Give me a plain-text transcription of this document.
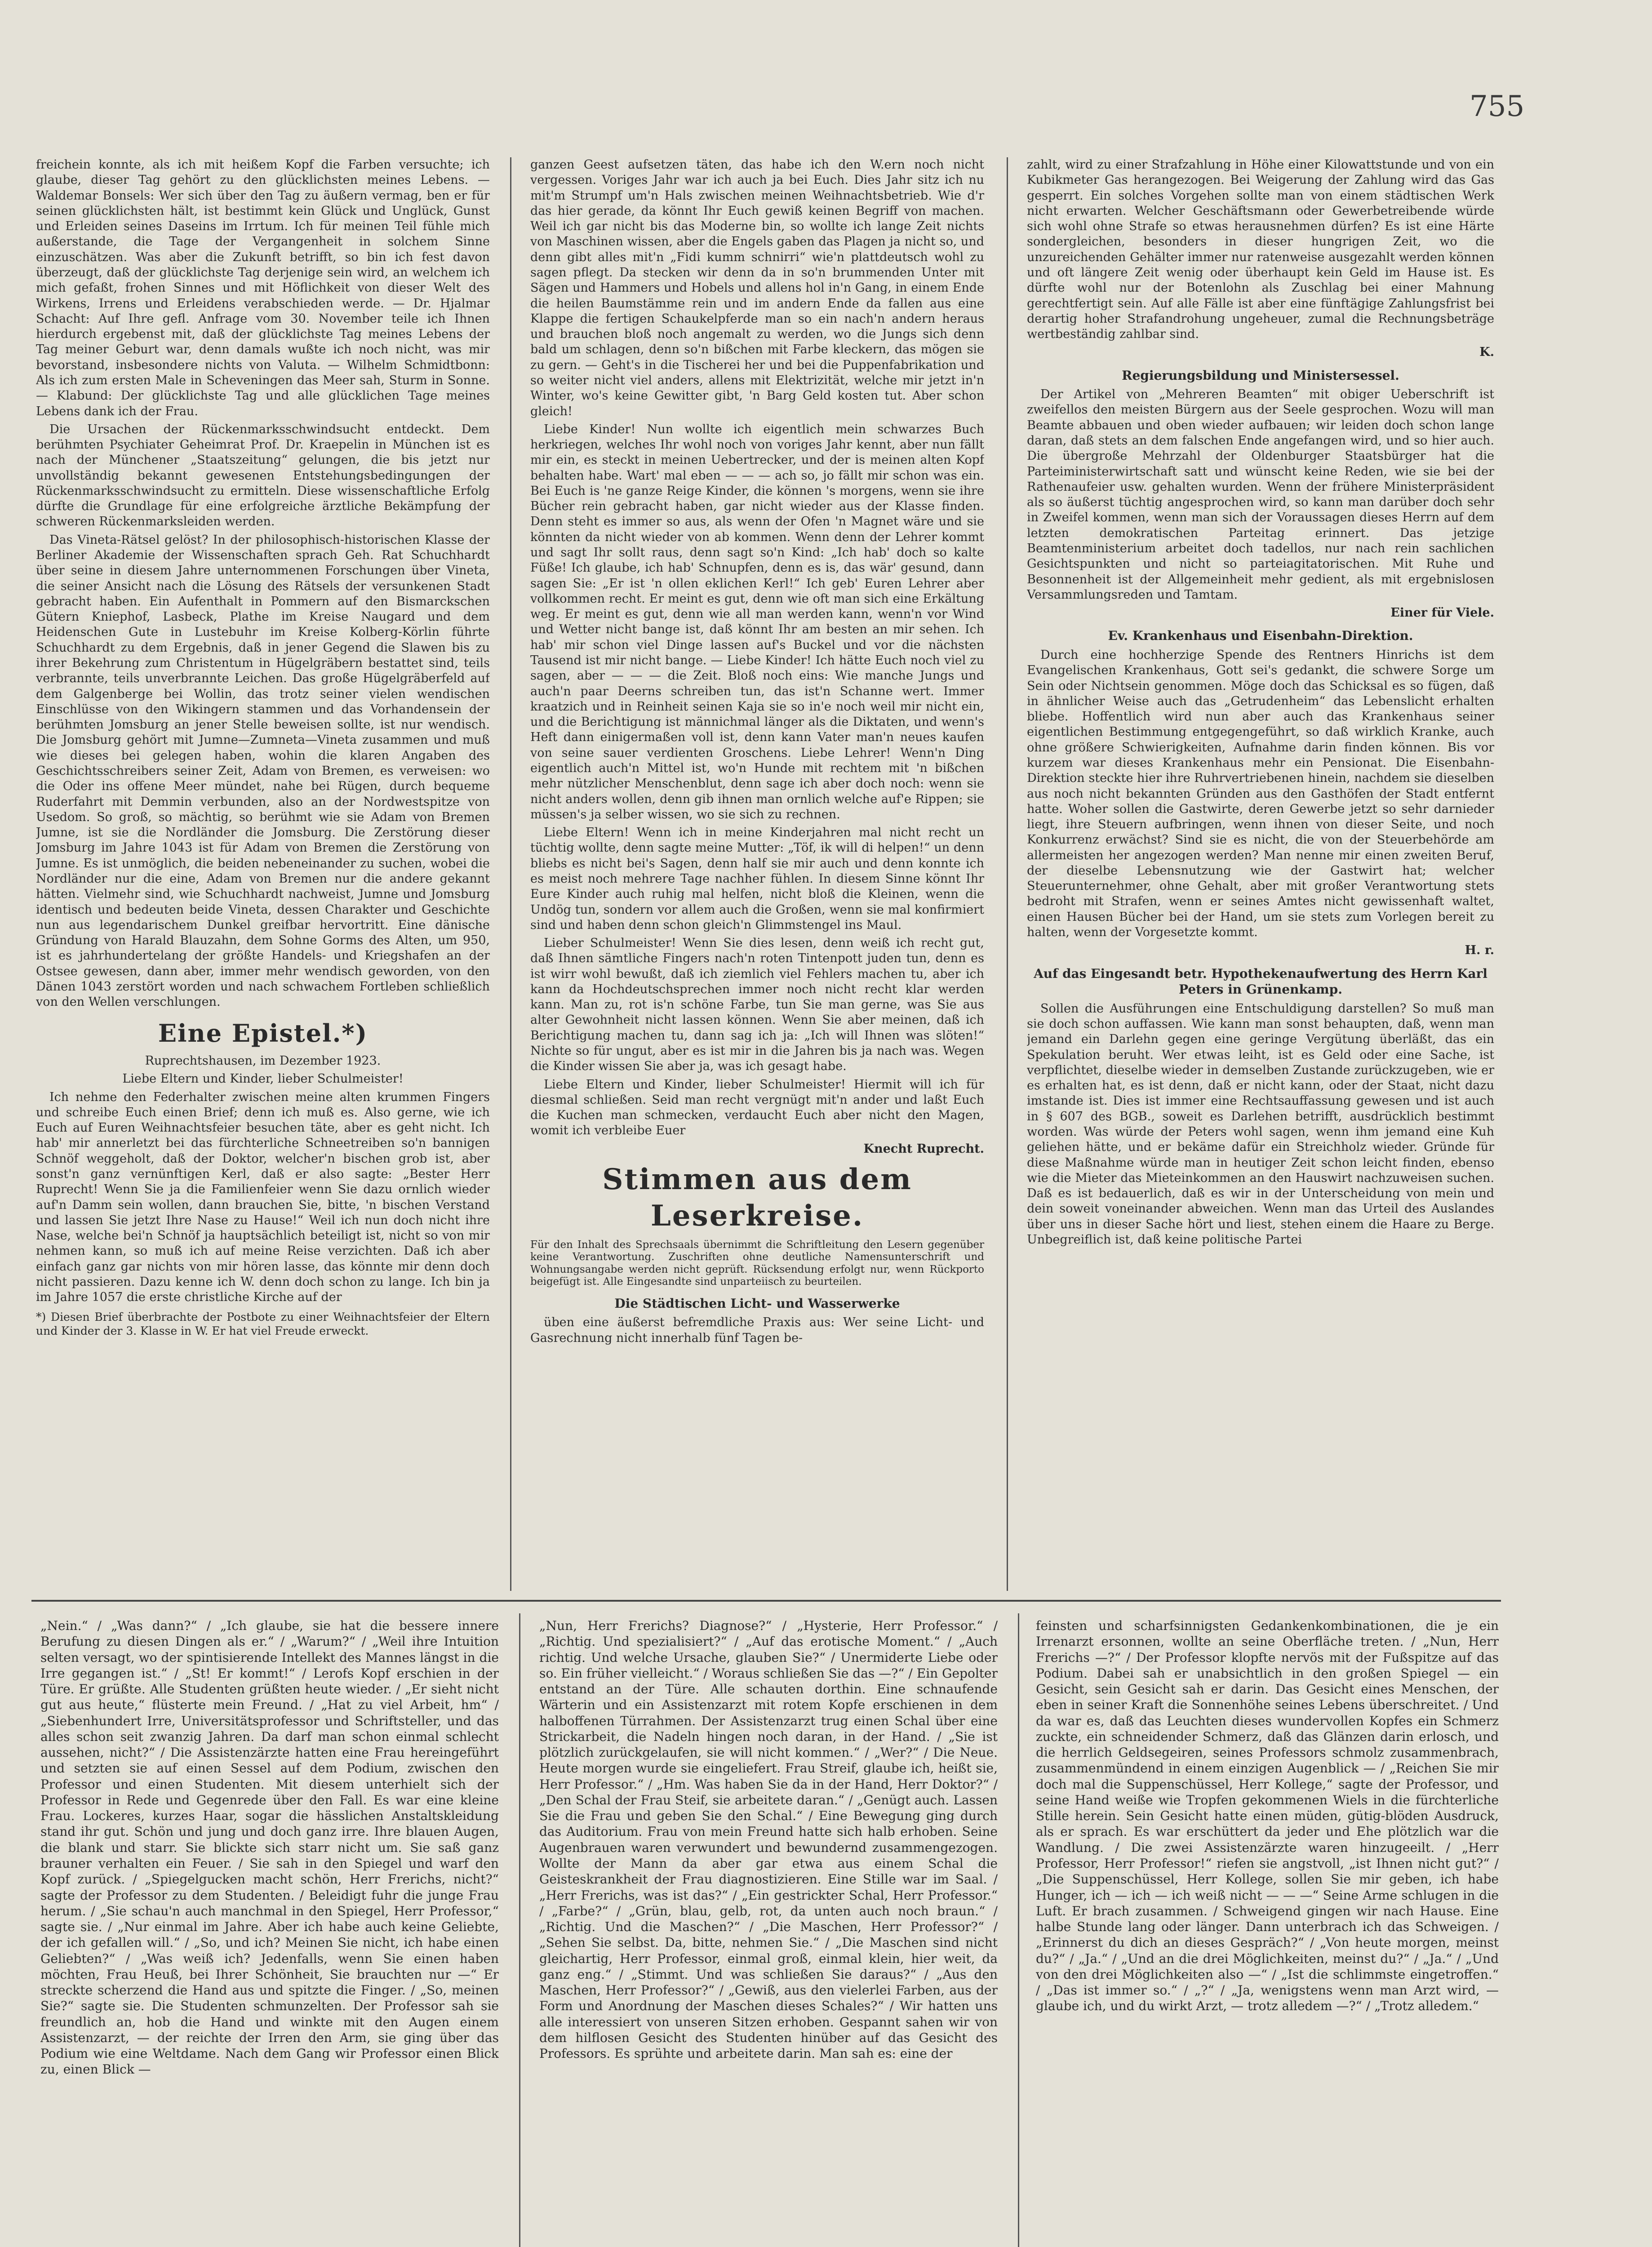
755

freichein konnte, als ich mit heißem Kopf die Farben versuchte; ich glaube, dieser Tag gehört zu den glücklichsten meines Lebens. — Waldemar Bonsels: Wer sich über den Tag zu äußern vermag, ben er für seinen glücklichsten hält, ist bestimmt kein Glück und Unglück, Gunst und Erleiden seines Daseins im Irrtum. Ich für meinen Teil fühle mich außerstande, die Tage der Vergangenheit in solchem Sinne einzuschätzen. Was aber die Zukunft betrifft, so bin ich fest davon überzeugt, daß der glücklichste Tag derjenige sein wird, an welchem ich mich gefaßt, frohen Sinnes und mit Höflichkeit von dieser Welt des Wirkens, Irrens und Erleidens verabschieden werde. — Dr. Hjalmar Schacht: Auf Ihre gefl. Anfrage vom 30. November teile ich Ihnen hierdurch ergebenst mit, daß der glücklichste Tag meines Lebens der Tag meiner Geburt war, denn damals wußte ich noch nicht, was mir bevorstand, insbesondere nichts von Valuta. — Wilhelm Schmidtbonn: Als ich zum ersten Male in Scheveningen das Meer sah, Sturm in Sonne. — Klabund: Der glücklichste Tag und alle glücklichen Tage meines Lebens dank ich der Frau.

Die Ursachen der Rückenmarksschwindsucht entdeckt. Dem berühmten Psychiater Geheimrat Prof. Dr. Kraepelin in München ist es nach der Münchener „Staatszeitung“ gelungen, die bis jetzt nur unvollständig bekannt gewesenen Entstehungsbedingungen der Rückenmarksschwindsucht zu ermitteln. Diese wissenschaftliche Erfolg dürfte die Grundlage für eine erfolgreiche ärztliche Bekämpfung der schweren Rückenmarksleiden werden.

Das Vineta-Rätsel gelöst? In der philosophisch-historischen Klasse der Berliner Akademie der Wissenschaften sprach Geh. Rat Schuchhardt über seine in diesem Jahre unternommenen Forschungen über Vineta, die seiner Ansicht nach die Lösung des Rätsels der versunkenen Stadt gebracht haben. Ein Aufenthalt in Pommern auf den Bismarckschen Gütern Kniephof, Lasbeck, Plathe im Kreise Naugard und dem Heidenschen Gute in Lustebuhr im Kreise Kolberg-Körlin führte Schuchhardt zu dem Ergebnis, daß in jener Gegend die Slawen bis zu ihrer Bekehrung zum Christentum in Hügelgräbern bestattet sind, teils verbrannte, teils unverbrannte Leichen. Das große Hügelgräberfeld auf dem Galgenberge bei Wollin, das trotz seiner vielen wendischen Einschlüsse von den Wikingern stammen und das Vorhandensein der berühmten Jomsburg an jener Stelle beweisen sollte, ist nur wendisch. Die Jomsburg gehört mit Jumne—Zumneta—Vineta zusammen und muß wie dieses bei gelegen haben, wohin die klaren Angaben des Geschichtsschreibers seiner Zeit, Adam von Bremen, es verweisen: wo die Oder ins offene Meer mündet, nahe bei Rügen, durch bequeme Ruderfahrt mit Demmin verbunden, also an der Nordwestspitze von Usedom. So groß, so mächtig, so berühmt wie sie Adam von Bremen Jumne, ist sie die Nordländer die Jomsburg. Die Zerstörung dieser Jomsburg im Jahre 1043 ist für Adam von Bremen die Zerstörung von Jumne. Es ist unmöglich, die beiden nebeneinander zu suchen, wobei die Nordländer nur die eine, Adam von Bremen nur die andere gekannt hätten. Vielmehr sind, wie Schuchhardt nachweist, Jumne und Jomsburg identisch und bedeuten beide Vineta, dessen Charakter und Geschichte nun aus legendarischem Dunkel greifbar hervortritt. Eine dänische Gründung von Harald Blauzahn, dem Sohne Gorms des Alten, um 950, ist es jahrhundertelang der größte Handels- und Kriegshafen an der Ostsee gewesen, dann aber, immer mehr wendisch geworden, von den Dänen 1043 zerstört worden und nach schwachem Fortleben schließlich von den Wellen verschlungen.

Eine Epistel.*)

Ruprechtshausen, im Dezember 1923.

Liebe Eltern und Kinder, lieber Schulmeister!

Ich nehme den Federhalter zwischen meine alten krummen Fingers und schreibe Euch einen Brief; denn ich muß es. Also gerne, wie ich Euch auf Euren Weihnachtsfeier besuchen täte, aber es geht nicht. Ich hab' mir annerletzt bei das fürchterliche Schneetreiben so'n bannigen Schnöf weggeholt, daß der Doktor, welcher'n bischen grob ist, aber sonst'n ganz vernünftigen Kerl, daß er also sagte: „Bester Herr Ruprecht! Wenn Sie ja die Familienfeier wenn Sie dazu ornlich wieder auf'n Damm sein wollen, dann brauchen Sie, bitte, 'n bischen Verstand und lassen Sie jetzt Ihre Nase zu Hause!“ Weil ich nun doch nicht ihre Nase, welche bei'n Schnöf ja hauptsächlich beteiligt ist, nicht so von mir nehmen kann, so muß ich auf meine Reise verzichten. Daß ich aber einfach ganz gar nichts von mir hören lasse, das könnte mir denn doch nicht passieren. Dazu kenne ich W. denn doch schon zu lange. Ich bin ja im Jahre 1057 die erste christliche Kirche auf der

*) Diesen Brief überbrachte der Postbote zu einer Weihnachtsfeier der Eltern und Kinder der 3. Klasse in W. Er hat viel Freude erweckt.

ganzen Geest aufsetzen täten, das habe ich den W.ern noch nicht vergessen. Voriges Jahr war ich auch ja bei Euch. Dies Jahr sitz ich nu mit'm Strumpf um'n Hals zwischen meinen Weihnachtsbetrieb. Wie d'r das hier gerade, da könnt Ihr Euch gewiß keinen Begriff von machen. Weil ich gar nicht bis das Moderne bin, so wollte ich lange Zeit nichts von Maschinen wissen, aber die Engels gaben das Plagen ja nicht so, und denn gibt alles mit'n „Fidi kumm schnirri“ wie'n plattdeutsch wohl zu sagen pflegt. Da stecken wir denn da in so'n brummenden Unter mit Sägen und Hammers und Hobels und allens hol in'n Gang, in einem Ende die heilen Baumstämme rein und im andern Ende da fallen aus eine Klappe die fertigen Schaukelpferde man so ein nach'n andern heraus und brauchen bloß noch angemalt zu werden, wo die Jungs sich denn bald um schlagen, denn so'n bißchen mit Farbe kleckern, das mögen sie zu gern. — Geht's in die Tischerei her und bei die Puppenfabrikation und so weiter nicht viel anders, allens mit Elektrizität, welche mir jetzt in'n Winter, wo's keine Gewitter gibt, 'n Barg Geld kosten tut. Aber schon gleich!

Liebe Kinder! Nun wollte ich eigentlich mein schwarzes Buch herkriegen, welches Ihr wohl noch von voriges Jahr kennt, aber nun fällt mir ein, es steckt in meinen Uebertrecker, und der is meinen alten Kopf behalten habe. Wart' mal eben — — — ach so, jo fällt mir schon was ein. Bei Euch is 'ne ganze Reige Kinder, die können 's morgens, wenn sie ihre Bücher rein gebracht haben, gar nicht wieder aus der Klasse finden. Denn steht es immer so aus, als wenn der Ofen 'n Magnet wäre und sie könnten da nicht wieder von ab kommen. Wenn denn der Lehrer kommt und sagt Ihr sollt raus, denn sagt so'n Kind: „Ich hab' doch so kalte Füße! Ich glaube, ich hab' Schnupfen, denn es is, das wär' gesund, dann sagen Sie: „Er ist 'n ollen eklichen Kerl!“ Ich geb' Euren Lehrer aber vollkommen recht. Er meint es gut, denn wie oft man sich eine Erkältung weg. Er meint es gut, denn wie all man werden kann, wenn'n vor Wind und Wetter nicht bange ist, daß könnt Ihr am besten an mir sehen. Ich hab' mir schon viel Dinge lassen auf's Buckel und vor die nächsten Tausend ist mir nicht bange. — Liebe Kinder! Ich hätte Euch noch viel zu sagen, aber — — — die Zeit. Bloß noch eins: Wie manche Jungs und auch'n paar Deerns schreiben tun, das ist'n Schanne wert. Immer kraatzich und in Reinheit seinen Kaja sie so in'e noch weil mir nicht ein, und die Berichtigung ist männichmal länger als die Diktaten, und wenn's Heft dann einigermaßen voll ist, denn kann Vater man'n neues kaufen von seine sauer verdienten Groschens. Liebe Lehrer! Wenn'n Ding eigentlich auch'n Mittel ist, wo'n Hunde mit rechtem mit 'n bißchen mehr nützlicher Menschenblut, denn sage ich aber doch noch: wenn sie nicht anders wollen, denn gib ihnen man ornlich welche auf'e Rippen; sie müssen's ja selber wissen, wo sie sich zu rechnen.

Liebe Eltern! Wenn ich in meine Kinderjahren mal nicht recht un tüchtig wollte, denn sagte meine Mutter: „Töf, ik will di helpen!“ un denn bliebs es nicht bei's Sagen, denn half sie mir auch und denn konnte ich es meist noch mehrere Tage nachher fühlen. In diesem Sinne könnt Ihr Eure Kinder auch ruhig mal helfen, nicht bloß die Kleinen, wenn die Undög tun, sondern vor allem auch die Großen, wenn sie mal konfirmiert sind und haben denn schon gleich'n Glimmstengel ins Maul.

Lieber Schulmeister! Wenn Sie dies lesen, denn weiß ich recht gut, daß Ihnen sämtliche Fingers nach'n roten Tintenpott juden tun, denn es ist wirr wohl bewußt, daß ich ziemlich viel Fehlers machen tu, aber ich kann da Hochdeutschsprechen immer noch nicht recht klar werden kann. Man zu, rot is'n schöne Farbe, tun Sie man gerne, was Sie aus alter Gewohnheit nicht lassen können. Wenn Sie aber meinen, daß ich Berichtigung machen tu, dann sag ich ja: „Ich will Ihnen was slöten!“ Nichte so für ungut, aber es ist mir in die Jahren bis ja nach was. Wegen die Kinder wissen Sie aber ja, was ich gesagt habe.

Liebe Eltern und Kinder, lieber Schulmeister! Hiermit will ich für diesmal schließen. Seid man recht vergnügt mit'n ander und laßt Euch die Kuchen man schmecken, verdaucht Euch aber nicht den Magen, womit ich verbleibe Euer

Knecht Ruprecht.

Stimmen aus dem Leserkreise.
Für den Inhalt des Sprechsaals übernimmt die Schriftleitung den Lesern gegenüber keine Verantwortung. Zuschriften ohne deutliche Namensunterschrift und Wohnungsangabe werden nicht geprüft. Rücksendung erfolgt nur, wenn Rückporto beigefügt ist. Alle Eingesandte sind unparteiisch zu beurteilen.
Die Städtischen Licht- und Wasserwerke

üben eine äußerst befremdliche Praxis aus: Wer seine Licht- und Gasrechnung nicht innerhalb fünf Tagen be-

zahlt, wird zu einer Strafzahlung in Höhe einer Kilowattstunde und von ein Kubikmeter Gas herangezogen. Bei Weigerung der Zahlung wird das Gas gesperrt. Ein solches Vorgehen sollte man von einem städtischen Werk nicht erwarten. Welcher Geschäftsmann oder Gewerbetreibende würde sich wohl ohne Strafe so etwas herausnehmen dürfen? Es ist eine Härte sondergleichen, besonders in dieser hungrigen Zeit, wo die unzureichenden Gehälter immer nur ratenweise ausgezahlt werden können und oft längere Zeit wenig oder überhaupt kein Geld im Hause ist. Es dürfte wohl nur der Botenlohn als Zuschlag bei einer Mahnung gerechtfertigt sein. Auf alle Fälle ist aber eine fünftägige Zahlungsfrist bei derartig hoher Strafandrohung ungeheuer, zumal die Rechnungsbeträge wertbeständig zahlbar sind.

K.

Regierungsbildung und Ministersessel.

Der Artikel von „Mehreren Beamten“ mit obiger Ueberschrift ist zweifellos den meisten Bürgern aus der Seele gesprochen. Wozu will man Beamte abbauen und oben wieder aufbauen; wir leiden doch schon lange daran, daß stets an dem falschen Ende angefangen wird, und so hier auch. Die übergroße Mehrzahl der Oldenburger Staatsbürger hat die Parteiministerwirtschaft satt und wünscht keine Reden, wie sie bei der Rathenaufeier usw. gehalten wurden. Wenn der frühere Ministerpräsident als so äußerst tüchtig angesprochen wird, so kann man darüber doch sehr in Zweifel kommen, wenn man sich der Voraussagen dieses Herrn auf dem letzten demokratischen Parteitag erinnert. Das jetzige Beamtenministerium arbeitet doch tadellos, nur nach rein sachlichen Gesichtspunkten und nicht so parteiagitatorischen. Mit Ruhe und Besonnenheit ist der Allgemeinheit mehr gedient, als mit ergebnislosen Versammlungsreden und Tamtam.

Einer für Viele.

Ev. Krankenhaus und Eisenbahn-Direktion.

Durch eine hochherzige Spende des Rentners Hinrichs ist dem Evangelischen Krankenhaus, Gott sei's gedankt, die schwere Sorge um Sein oder Nichtsein genommen. Möge doch das Schicksal es so fügen, daß in ähnlicher Weise auch das „Getrudenheim“ das Lebenslicht erhalten bliebe. Hoffentlich wird nun aber auch das Krankenhaus seiner eigentlichen Bestimmung entgegengeführt, so daß wirklich Kranke, auch ohne größere Schwierigkeiten, Aufnahme darin finden können. Bis vor kurzem war dieses Krankenhaus mehr ein Pensionat. Die Eisenbahn-Direktion steckte hier ihre Ruhrvertriebenen hinein, nachdem sie dieselben aus noch nicht bekannten Gründen aus den Gasthöfen der Stadt entfernt hatte. Woher sollen die Gastwirte, deren Gewerbe jetzt so sehr darnieder liegt, ihre Steuern aufbringen, wenn ihnen von dieser Seite, und noch Konkurrenz erwächst? Sind sie es nicht, die von der Steuerbehörde am allermeisten her angezogen werden? Man nenne mir einen zweiten Beruf, der dieselbe Lebensnutzung wie der Gastwirt hat; welcher Steuerunternehmer, ohne Gehalt, aber mit großer Verantwortung stets bedroht mit Strafen, wenn er seines Amtes nicht gewissenhaft waltet, einen Hausen Bücher bei der Hand, um sie stets zum Vorlegen bereit zu halten, wenn der Vorgesetzte kommt.

H. r.

Auf das Eingesandt betr. Hypothekenaufwertung des Herrn Karl Peters in Grünenkamp.

Sollen die Ausführungen eine Entschuldigung darstellen? So muß man sie doch schon auffassen. Wie kann man sonst behaupten, daß, wenn man jemand ein Darlehn gegen eine geringe Vergütung überläßt, das ein Spekulation beruht. Wer etwas leiht, ist es Geld oder eine Sache, ist verpflichtet, dieselbe wieder in demselben Zustande zurückzugeben, wie er es erhalten hat, es ist denn, daß er nicht kann, oder der Staat, nicht dazu imstande ist. Dies ist immer eine Rechtsauffassung gewesen und ist auch in § 607 des BGB., soweit es Darlehen betrifft, ausdrücklich bestimmt worden. Was würde der Peters wohl sagen, wenn ihm jemand eine Kuh geliehen hätte, und er bekäme dafür ein Streichholz wieder. Gründe für diese Maßnahme würde man in heutiger Zeit schon leicht finden, ebenso wie die Mieter das Mieteinkommen an den Hauswirt nachzuweisen suchen. Daß es ist bedauerlich, daß es wir in der Unterscheidung von mein und dein soweit voneinander abweichen. Wenn man das Urteil des Auslandes über uns in dieser Sache hört und liest, stehen einem die Haare zu Berge. Unbegreiflich ist, daß keine politische Partei

„Nein.“ / „Was dann?“ / „Ich glaube, sie hat die bessere innere Berufung zu diesen Dingen als er.“ / „Warum?“ / „Weil ihre Intuition selten versagt, wo der spintisierende Intellekt des Mannes längst in die Irre gegangen ist.“ / „St! Er kommt!“ / Lerofs Kopf erschien in der Türe. Er grüßte. Alle Studenten grüßten heute wieder. / „Er sieht nicht gut aus heute,“ flüsterte mein Freund. / „Hat zu viel Arbeit, hm“ / „Siebenhundert Irre, Universitätsprofessor und Schriftsteller, und das alles schon seit zwanzig Jahren. Da darf man schon einmal schlecht aussehen, nicht?“ / Die Assistenzärzte hatten eine Frau hereingeführt und setzten sie auf einen Sessel auf dem Podium, zwischen den Professor und einen Studenten. Mit diesem unterhielt sich der Professor in Rede und Gegenrede über den Fall. Es war eine kleine Frau. Lockeres, kurzes Haar, sogar die hässlichen Anstaltskleidung stand ihr gut. Schön und jung und doch ganz irre. Ihre blauen Augen, die blank und starr. Sie blickte sich starr nicht um. Sie saß ganz brauner verhalten ein Feuer. / Sie sah in den Spiegel und warf den Kopf zurück. / „Spiegelgucken macht schön, Herr Frerichs, nicht?“ sagte der Professor zu dem Studenten. / Beleidigt fuhr die junge Frau herum. / „Sie schau'n auch manchmal in den Spiegel, Herr Professor,“ sagte sie. / „Nur einmal im Jahre. Aber ich habe auch keine Geliebte, der ich gefallen will.“ / „So, und ich? Meinen Sie nicht, ich habe einen Geliebten?“ / „Was weiß ich? Jedenfalls, wenn Sie einen haben möchten, Frau Heuß, bei Ihrer Schönheit, Sie brauchten nur —“ Er streckte scherzend die Hand aus und spitzte die Finger. / „So, meinen Sie?“ sagte sie. Die Studenten schmunzelten. Der Professor sah sie freundlich an, hob die Hand und winkte mit den Augen einem Assistenzarzt, — der reichte der Irren den Arm, sie ging über das Podium wie eine Weltdame. Nach dem Gang wir Professor einen Blick zu, einen Blick —

„Nun, Herr Frerichs? Diagnose?“ / „Hysterie, Herr Professor.“ / „Richtig. Und spezialisiert?“ / „Auf das erotische Moment.“ / „Auch richtig. Und welche Ursache, glauben Sie?“ / Unermiderte Liebe oder so. Ein früher vielleicht.“ / Woraus schließen Sie das —?“ / Ein Gepolter entstand an der Türe. Alle schauten dorthin. Eine schnaufende Wärterin und ein Assistenzarzt mit rotem Kopfe erschienen in dem halboffenen Türrahmen. Der Assistenzarzt trug einen Schal über eine Strickarbeit, die Nadeln hingen noch daran, in der Hand. / „Sie ist plötzlich zurückgelaufen, sie will nicht kommen.“ / „Wer?“ / Die Neue. Heute morgen wurde sie eingeliefert. Frau Streif, glaube ich, heißt sie, Herr Professor.“ / „Hm. Was haben Sie da in der Hand, Herr Doktor?“ / „Den Schal der Frau Steif, sie arbeitete daran.“ / „Genügt auch. Lassen Sie die Frau und geben Sie den Schal.“ / Eine Bewegung ging durch das Auditorium. Frau von mein Freund hatte sich halb erhoben. Seine Augenbrauen waren verwundert und bewundernd zusammengezogen. Wollte der Mann da aber gar etwa aus einem Schal die Geisteskrankheit der Frau diagnostizieren. Eine Stille war im Saal. / „Herr Frerichs, was ist das?“ / „Ein gestrickter Schal, Herr Professor.“ / „Farbe?“ / „Grün, blau, gelb, rot, da unten auch noch braun.“ / „Richtig. Und die Maschen?“ / „Die Maschen, Herr Professor?“ / „Sehen Sie selbst. Da, bitte, nehmen Sie.“ / „Die Maschen sind nicht gleichartig, Herr Professor, einmal groß, einmal klein, hier weit, da ganz eng.“ / „Stimmt. Und was schließen Sie daraus?“ / „Aus den Maschen, Herr Professor?“ / „Gewiß, aus den vielerlei Farben, aus der Form und Anordnung der Maschen dieses Schales?“ / Wir hatten uns alle interessiert von unseren Sitzen erhoben. Gespannt sahen wir von dem hilflosen Gesicht des Studenten hinüber auf das Gesicht des Professors. Es sprühte und arbeitete darin. Man sah es: eine der

feinsten und scharfsinnigsten Gedankenkombinationen, die je ein Irrenarzt ersonnen, wollte an seine Oberfläche treten. / „Nun, Herr Frerichs —?“ / Der Professor klopfte nervös mit der Fußspitze auf das Podium. Dabei sah er unabsichtlich in den großen Spiegel — ein Gesicht, sein Gesicht sah er darin. Das Gesicht eines Menschen, der eben in seiner Kraft die Sonnenhöhe seines Lebens überschreitet. / Und da war es, daß das Leuchten dieses wundervollen Kopfes ein Schmerz zuckte, ein schneidender Schmerz, daß das Glänzen darin erlosch, und die herrlich Geldsegeiren, seines Professors schmolz zusammenbrach, zusammenmündend in einem einzigen Augenblick — / „Reichen Sie mir doch mal die Suppenschüssel, Herr Kollege,“ sagte der Professor, und seine Hand weiße wie Tropfen gekommenen Wiels in die fürchterliche Stille herein. Sein Gesicht hatte einen müden, gütig-blöden Ausdruck, als er sprach. Es war erschüttert da jeder und Ehe plötzlich war die Wandlung. / Die zwei Assistenzärzte waren hinzugeeilt. / „Herr Professor, Herr Professor!“ riefen sie angstvoll, „ist Ihnen nicht gut?“ / „Die Suppenschüssel, Herr Kollege, sollen Sie mir geben, ich habe Hunger, ich — ich — ich weiß nicht — — —“ Seine Arme schlugen in die Luft. Er brach zusammen. / Schweigend gingen wir nach Hause. Eine halbe Stunde lang oder länger. Dann unterbrach ich das Schweigen. / „Erinnerst du dich an dieses Gespräch?“ / „Von heute morgen, meinst du?“ / „Ja.“ / „Und an die drei Möglichkeiten, meinst du?“ / „Ja.“ / „Und von den drei Möglichkeiten also —“ / „Ist die schlimmste eingetroffen.“ / „Das ist immer so.“ / „?“ / „Ja, wenigstens wenn man Arzt wird, — glaube ich, und du wirkt Arzt, — trotz alledem —?“ / „Trotz alledem.“
